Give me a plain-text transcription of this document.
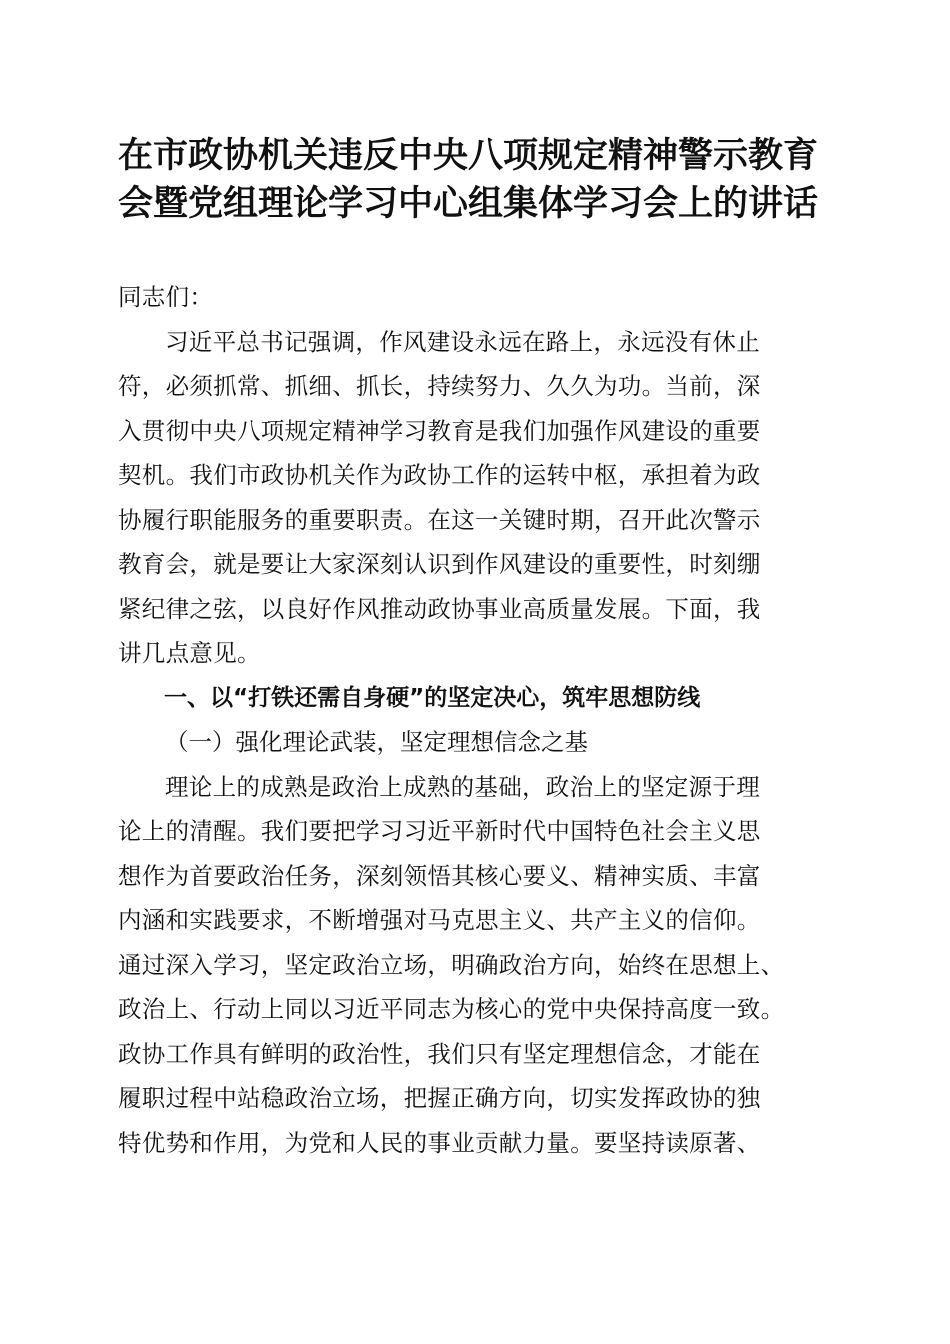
在市政协机关违反中央八项规定精神警示教育
会暨党组理论学习中心组集体学习会上的讲话
同志们：
习近平总书记强调，作风建设永远在路上，永远没有休止
符，必须抓常、抓细、抓长，持续努力、久久为功。当前，深
入贯彻中央八项规定精神学习教育是我们加强作风建设的重要
契机。我们市政协机关作为政协工作的运转中枢，承担着为政
协履行职能服务的重要职责。在这一关键时期，召开此次警示
教育会，就是要让大家深刻认识到作风建设的重要性，时刻绷
紧纪律之弦，以良好作风推动政协事业高质量发展。下面，我
讲几点意见。
一、以“打铁还需自身硬”的坚定决心，筑牢思想防线
（一）强化理论武装，坚定理想信念之基
理论上的成熟是政治上成熟的基础，政治上的坚定源于理
论上的清醒。我们要把学习习近平新时代中国特色社会主义思
想作为首要政治任务，深刻领悟其核心要义、精神实质、丰富
内涵和实践要求，不断增强对马克思主义、共产主义的信仰。
通过深入学习，坚定政治立场，明确政治方向，始终在思想上、
政治上、行动上同以习近平同志为核心的党中央保持高度一致。
政协工作具有鲜明的政治性，我们只有坚定理想信念，才能在
履职过程中站稳政治立场，把握正确方向，切实发挥政协的独
特优势和作用，为党和人民的事业贡献力量。要坚持读原著、
